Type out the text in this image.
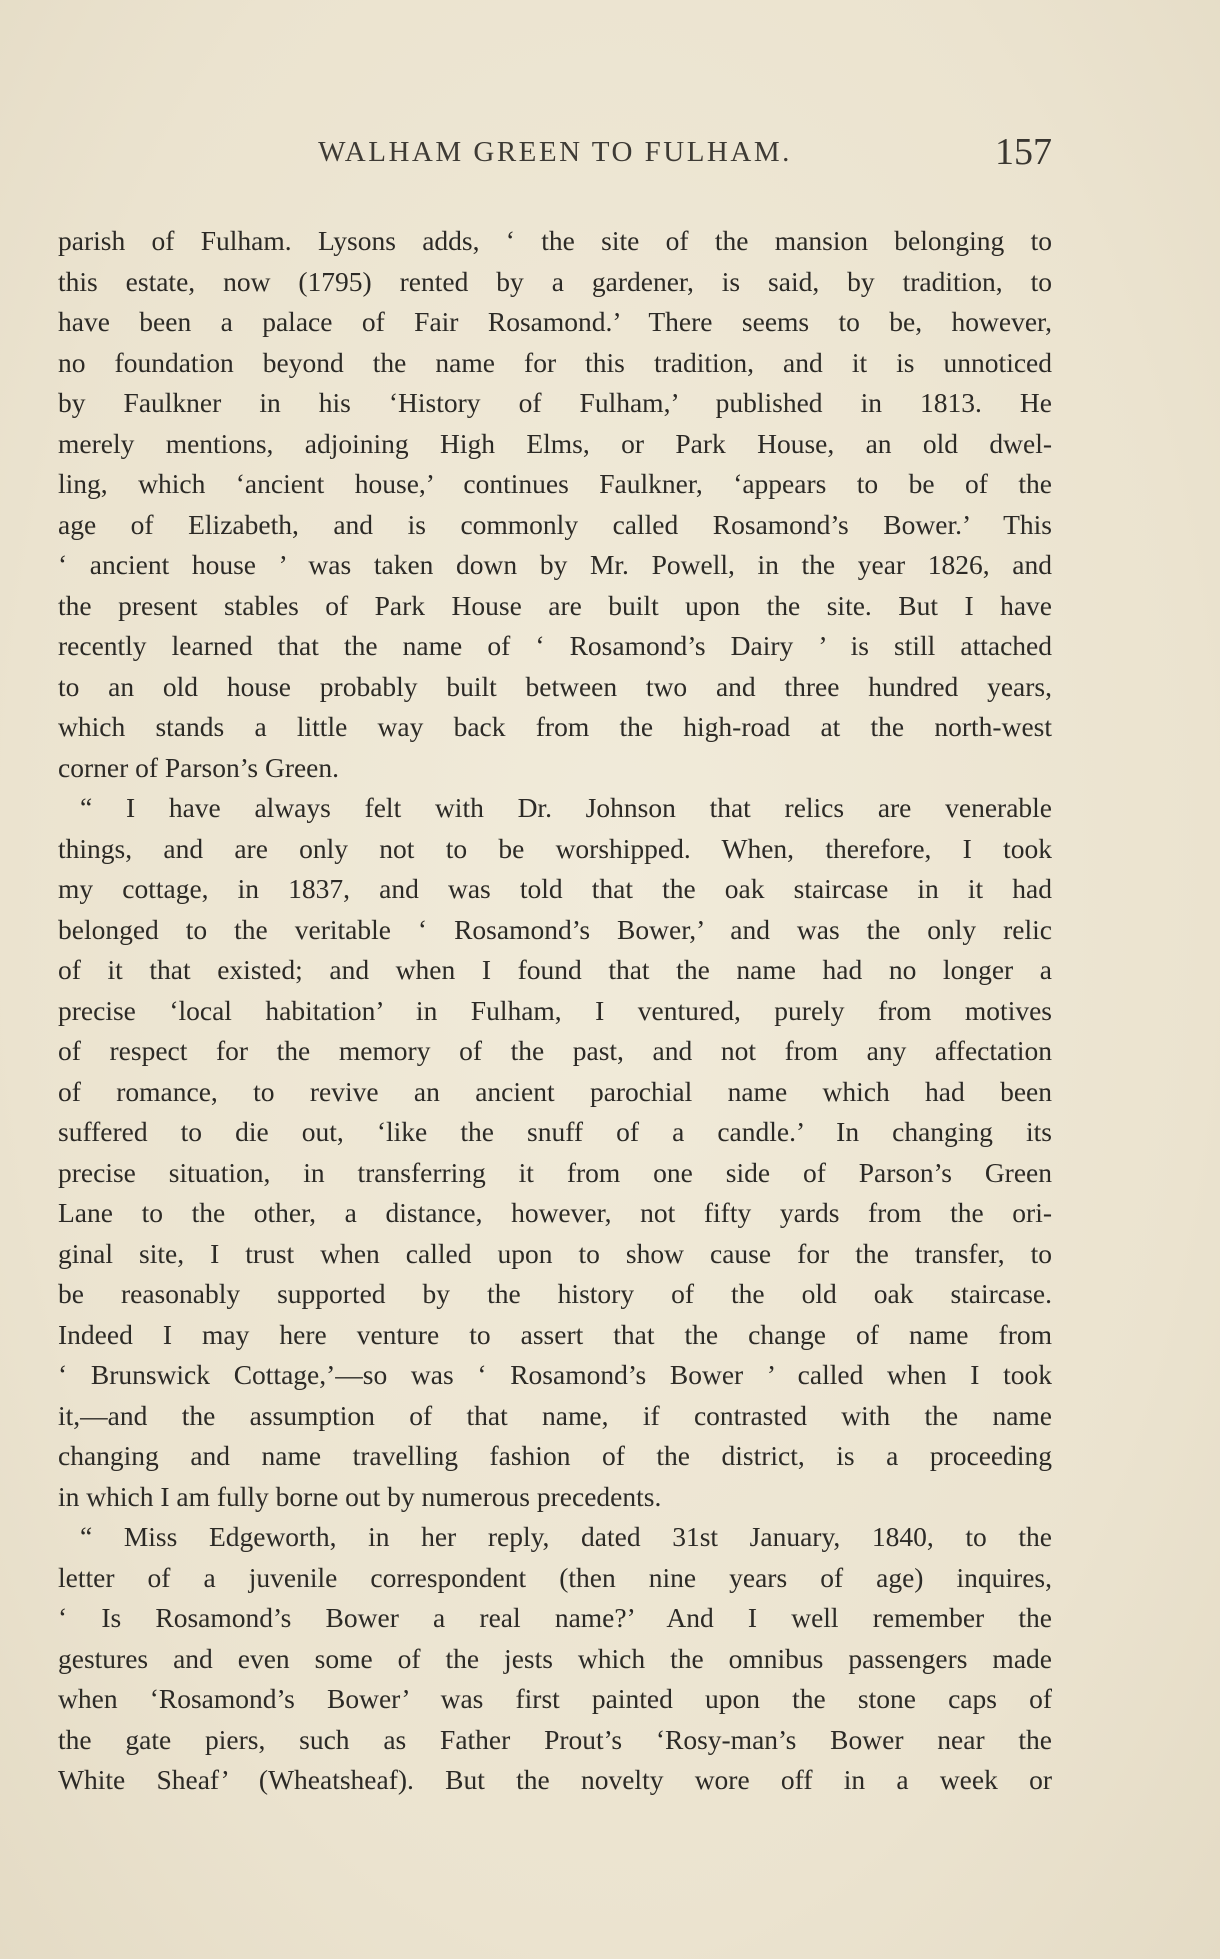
WALHAM GREEN TO FULHAM.	157
parish of Fulham. Lysons adds, ‘ the site of the mansion belonging to
this estate, now (1795) rented by a gardener, is said, by tradition, to
have been a palace of Fair Rosamond.’ There seems to be, however,
no foundation beyond the name for this tradition, and it is unnoticed
by Faulkner in his ‘History of Fulham,’ published in 1813. He
merely mentions, adjoining High Elms, or Park House, an old dwel-
ling, which ‘ancient house,’ continues Faulkner, ‘appears to be of the
age of Elizabeth, and is commonly called Rosamond’s Bower.’ This
‘ ancient house ’ was taken down by Mr. Powell, in the year 1826, and
the present stables of Park House are built upon the site. But I have
recently learned that the name of ‘ Rosamond’s Dairy ’ is still attached
to an old house probably built between two and three hundred years,
which stands a little way back from the high-road at the north-west
corner of Parson’s Green.
“ I have always felt with Dr. Johnson that relics are venerable
things, and are only not to be worshipped. When, therefore, I took
my cottage, in 1837, and was told that the oak staircase in it had
belonged to the veritable ‘ Rosamond’s Bower,’ and was the only relic
of it that existed; and when I found that the name had no longer a
precise ‘local habitation’ in Fulham, I ventured, purely from motives
of respect for the memory of the past, and not from any affectation
of romance, to revive an ancient parochial name which had been
suffered to die out, ‘like the snuff of a candle.’ In changing its
precise situation, in transferring it from one side of Parson’s Green
Lane to the other, a distance, however, not fifty yards from the ori-
ginal site, I trust when called upon to show cause for the transfer, to
be reasonably supported by the history of the old oak staircase.
Indeed I may here venture to assert that the change of name from
‘ Brunswick Cottage,’—so was ‘ Rosamond’s Bower ’ called when I took
it,—and the assumption of that name, if contrasted with the name
changing and name travelling fashion of the district, is a proceeding
in which I am fully borne out by numerous precedents.
“ Miss Edgeworth, in her reply, dated 31st January, 1840, to the
letter of a juvenile correspondent (then nine years of age) inquires,
‘ Is Rosamond’s Bower a real name?’ And I well remember the
gestures and even some of the jests which the omnibus passengers made
when ‘Rosamond’s Bower’ was first painted upon the stone caps of
the gate piers, such as Father Prout’s ‘Rosy-man’s Bower near the
White Sheaf’ (Wheatsheaf). But the novelty wore off in a week or
